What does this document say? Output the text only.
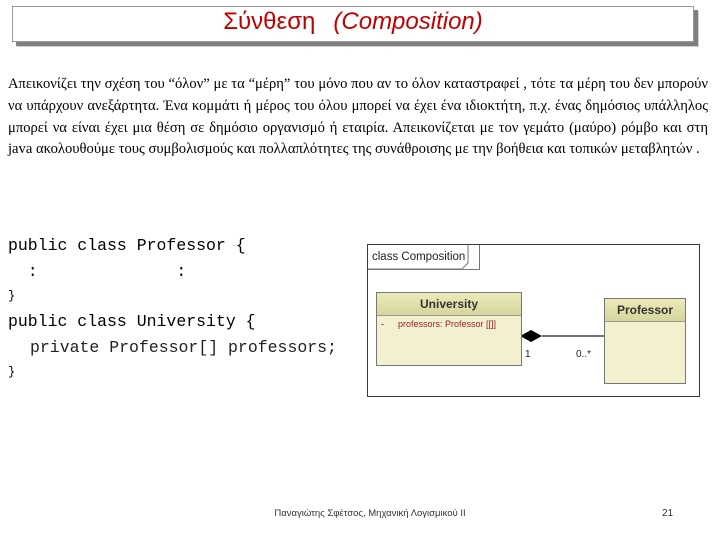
Σύνθεση (Composition)
Απεικονίζει την σχέση του “όλον” με τα “μέρη” του μόνο που αν το όλον καταστραφεί , τότε τα μέρη του δεν μπορούν να υπάρχουν ανεξάρτητα. Ένα κομμάτι ή μέρος του όλου μπορεί να έχει ένα ιδιοκτήτη, π.χ. ένας δημόσιος υπάλληλος μπορεί να είναι έχει μια θέση σε δημόσιο οργανισμό ή εταιρία. Απεικονίζεται με τον γεμάτο (μαύρο) ρόμβο και στη java ακολουθούμε τους συμβολισμούς και πολλαπλότητες της συνάθροισης με την βοήθεια και τοπικών μεταβλητών .
public class Professor {
:              :
}
public class University {
private Professor[] professors;
}
class Composition
University
- professors: Professor [[]]
Professor
1	0..*
Παναγιώτης Σφέτσος, Μηχανική Λογισμικού ΙΙ	21
